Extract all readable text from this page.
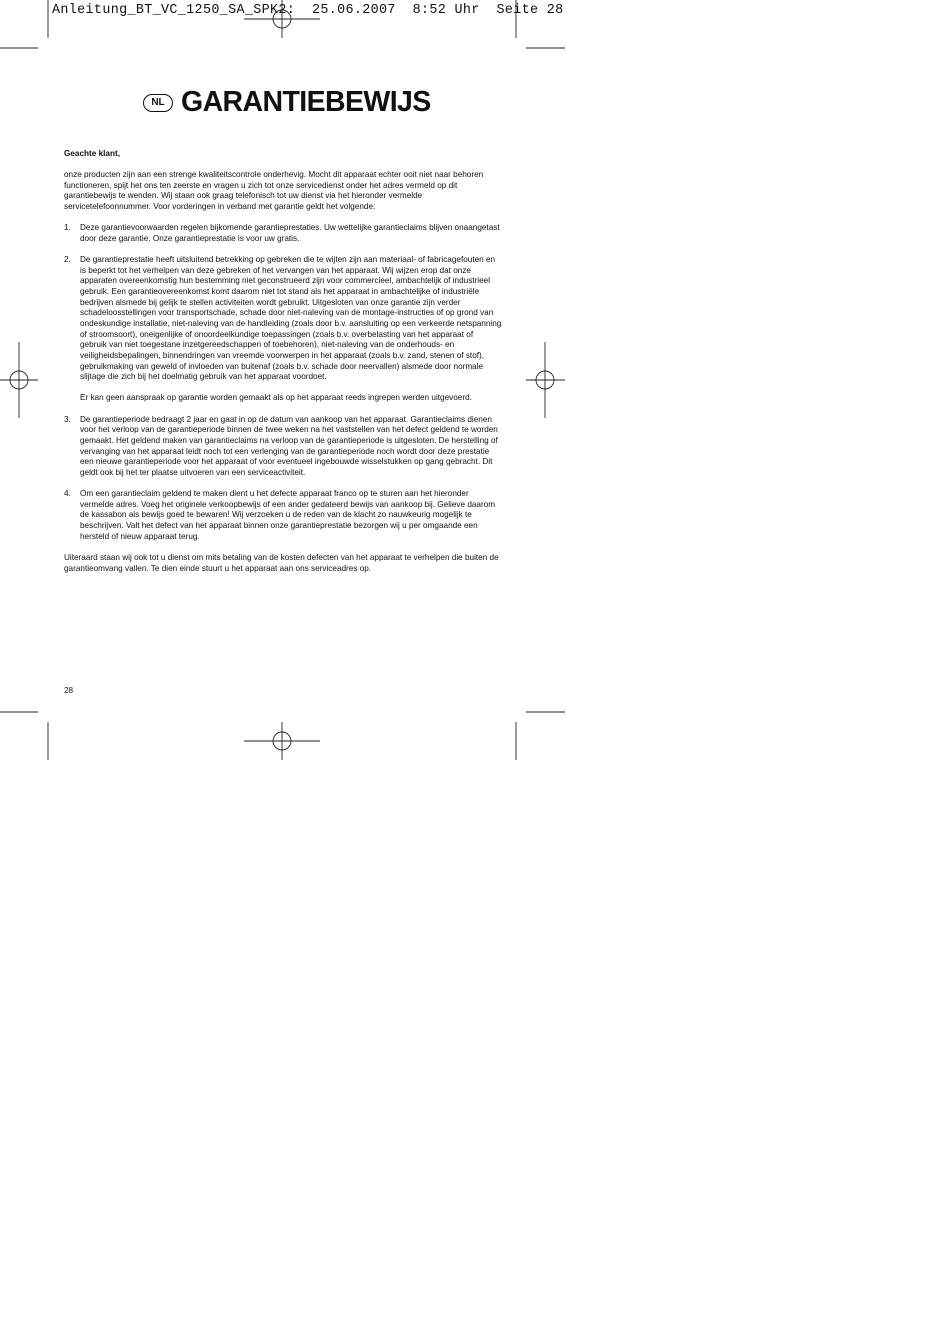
Anleitung_BT_VC_1250_SA_SPK2:  25.06.2007  8:52 Uhr  Seite 28

NL GARANTIEBEWIJS

Geachte klant,

onze producten zijn aan een strenge kwaliteitscontrole onderhevig. Mocht dit apparaat echter ooit niet naar behoren functioneren, spijt het ons ten zeerste en vragen u zich tot onze servicedienst onder het adres vermeld op dit garantiebewijs te wenden. Wij staan ook graag telefonisch tot uw dienst via het hieronder vermelde servicetelefoonnummer. Voor vorderingen in verband met garantie geldt het volgende:

1.	Deze garantievoorwaarden regelen bijkomende garantieprestaties. Uw wettelijke garantieclaims blijven onaangetast door deze garantie. Onze garantieprestatie is voor uw gratis.

2.	De garantieprestatie heeft uitsluitend betrekking op gebreken die te wijten zijn aan materiaal- of fabricagefouten en is beperkt tot het verhelpen van deze gebreken of het vervangen van het apparaat. Wij wijzen erop dat onze apparaten overeenkomstig hun bestemming niet geconstrueerd zijn voor commercieel, ambachtelijk of industrieel gebruik. Een garantieovereenkomst komt daarom niet tot stand als het apparaat in ambachtelijke of industriële bedrijven alsmede bij gelijk te stellen activiteiten wordt gebruikt. Uitgesloten van onze garantie zijn verder schadeloosstellingen voor transportschade, schade door niet-naleving van de montage-instructies of op grond van ondeskundige installatie, niet-naleving van de handleiding (zoals door b.v. aansluiting op een verkeerde netspanning of stroomsoort), oneigenlijke of onoordeelkundige toepassingen (zoals b.v. overbelasting van het apparaat of gebruik van niet toegestane inzetgereedschappen of toebehoren), niet-naleving van de onderhouds- en veiligheidsbepalingen, binnendringen van vreemde voorwerpen in het apparaat (zoals b.v. zand, stenen of stof), gebruikmaking van geweld of invloeden van buitenaf (zoals b.v. schade door neervallen) alsmede door normale slijtage die zich bij het doelmatig gebruik van het apparaat voordoet.

Er kan geen aanspraak op garantie worden gemaakt als op het apparaat reeds ingrepen werden uitgevoerd.

3.	De garantieperiode bedraagt 2 jaar en gaat in op de datum van aankoop van het apparaat. Garantieclaims dienen voor het verloop van de garantieperiode binnen de twee weken na het vaststellen van het defect geldend te worden gemaakt. Het geldend maken van garantieclaims na verloop van de garantieperiode is uitgesloten. De herstelling of vervanging van het apparaat leidt noch tot een verlenging van de garantieperiode noch wordt door deze prestatie een nieuwe garantieperiode voor het apparaat of voor eventueel ingebouwde wisselstukken op gang gebracht. Dit geldt ook bij het ter plaatse uitvoeren van een serviceactiviteit.

4.	Om een garantieclaim geldend te maken dient u het defecte apparaat franco op te sturen aan het hieronder vermelde adres. Voeg het originele verkoopbewijs of een ander gedateerd bewijs van aankoop bij. Gelieve daarom de kassabon als bewijs goed te bewaren! Wij verzoeken u de reden van de klacht zo nauwkeurig mogelijk te beschrijven. Valt het defect van het apparaat binnen onze garantieprestatie bezorgen wij u per omgaande een hersteld of nieuw apparaat terug.

Uiteraard staan wij ook tot u dienst om mits betaling van de kosten defecten van het apparaat te verhelpen die buiten de garantieomvang vallen. Te dien einde stuurt u het apparaat aan ons serviceadres op.

28
